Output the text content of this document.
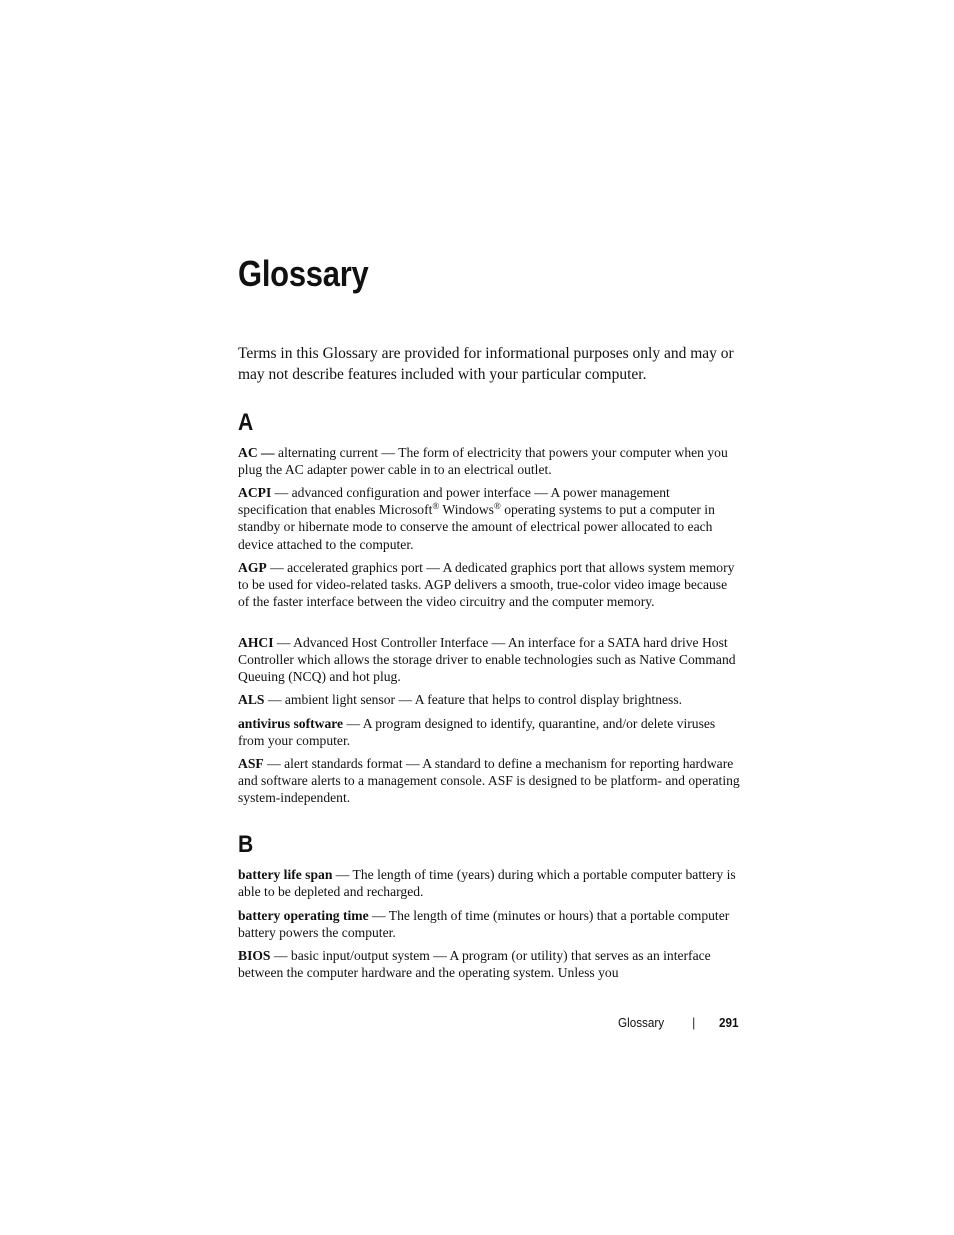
Glossary

Terms in this Glossary are provided for informational purposes only and may or may not describe features included with your particular computer.

A

AC — alternating current — The form of electricity that powers your computer when you plug the AC adapter power cable in to an electrical outlet.

ACPI — advanced configuration and power interface — A power management specification that enables Microsoft® Windows® operating systems to put a computer in standby or hibernate mode to conserve the amount of electrical power allocated to each device attached to the computer.

AGP — accelerated graphics port — A dedicated graphics port that allows system memory to be used for video-related tasks. AGP delivers a smooth, true-color video image because of the faster interface between the video circuitry and the computer memory.

AHCI — Advanced Host Controller Interface — An interface for a SATA hard drive Host Controller which allows the storage driver to enable technologies such as Native Command Queuing (NCQ) and hot plug.

ALS — ambient light sensor — A feature that helps to control display brightness.

antivirus software — A program designed to identify, quarantine, and/or delete viruses from your computer.

ASF — alert standards format — A standard to define a mechanism for reporting hardware and software alerts to a management console. ASF is designed to be platform- and operating system-independent.

B

battery life span — The length of time (years) during which a portable computer battery is able to be depleted and recharged.

battery operating time — The length of time (minutes or hours) that a portable computer battery powers the computer.

BIOS — basic input/output system — A program (or utility) that serves as an interface between the computer hardware and the operating system. Unless you

Glossary | 291
